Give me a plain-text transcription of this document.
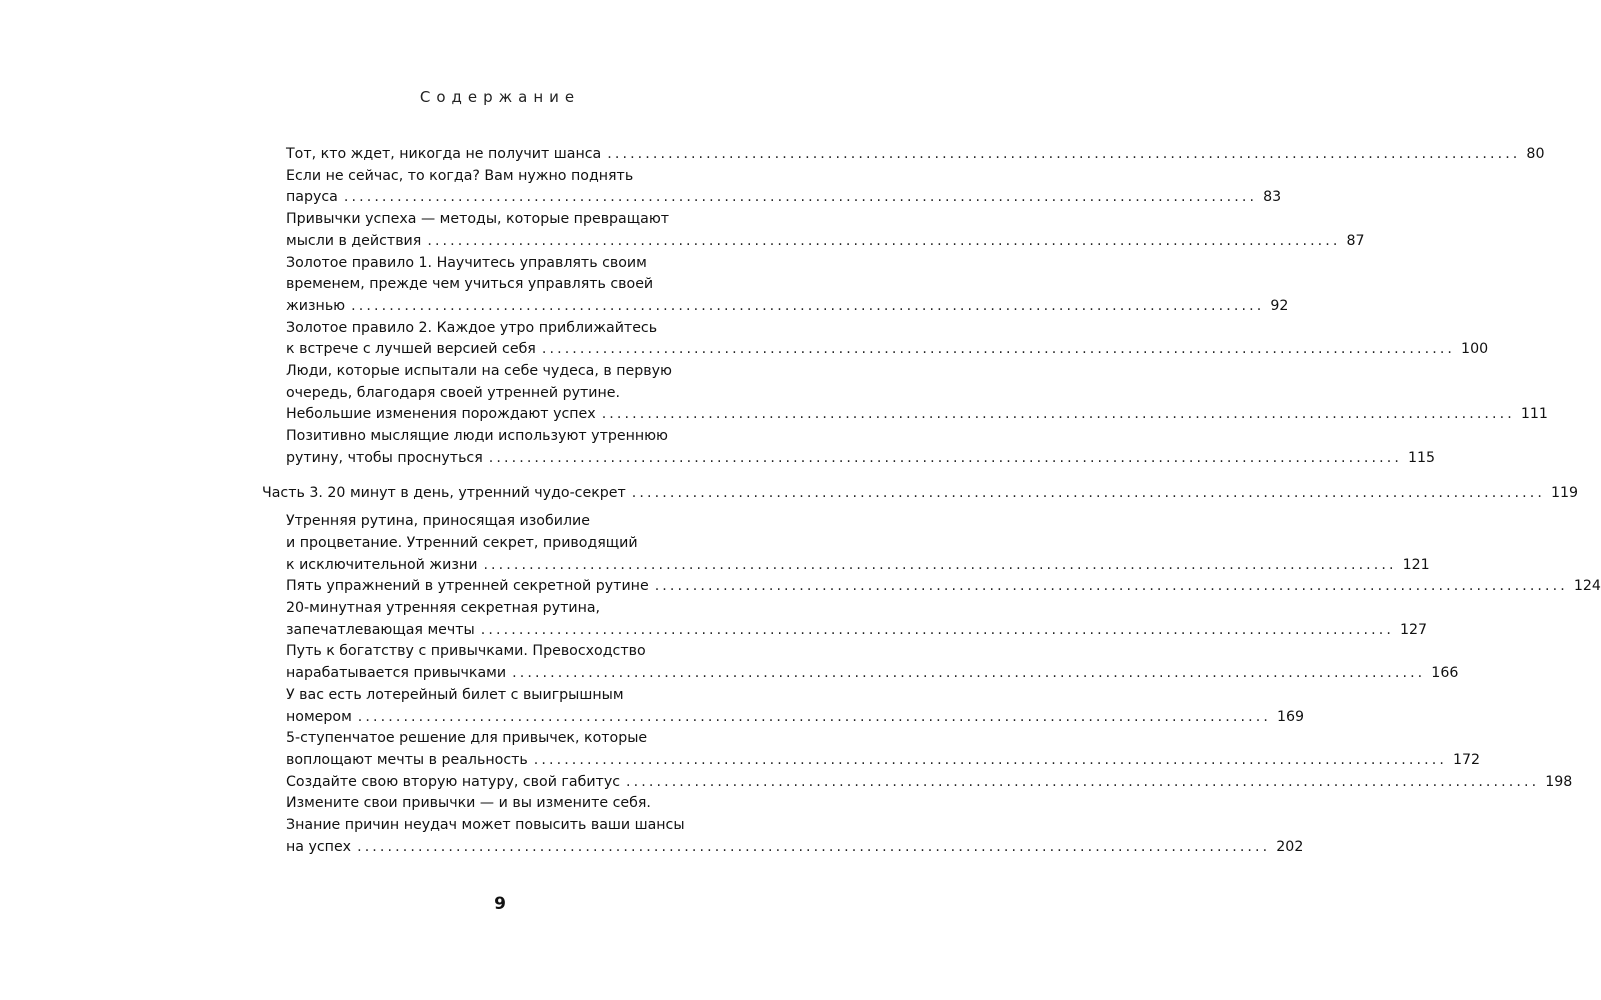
Содержание
Тот, кто ждет, никогда не получит шанса ........................................................................................................................ 80
Если не сейчас, то когда? Вам нужно поднять
паруса ........................................................................................................................ 83
Привычки успеха — методы, которые превращают
мысли в действия ........................................................................................................................ 87
Золотое правило 1. Научитесь управлять своим
временем, прежде чем учиться управлять своей
жизнью ........................................................................................................................ 92
Золотое правило 2. Каждое утро приближайтесь
к встрече с лучшей версией себя ........................................................................................................................ 100
Люди, которые испытали на себе чудеса, в первую
очередь, благодаря своей утренней рутине.
Небольшие изменения порождают успех ........................................................................................................................ 111
Позитивно мыслящие люди используют утреннюю
рутину, чтобы проснуться ........................................................................................................................ 115
Часть 3. 20 минут в день, утренний чудо-секрет ........................................................................................................................ 119
Утренняя рутина, приносящая изобилие
и процветание. Утренний секрет, приводящий
к исключительной жизни ........................................................................................................................ 121
Пять упражнений в утренней секретной рутине ........................................................................................................................ 124
20-минутная утренняя секретная рутина,
запечатлевающая мечты ........................................................................................................................ 127
Путь к богатству с привычками. Превосходство
нарабатывается привычками ........................................................................................................................ 166
У вас есть лотерейный билет с выигрышным
номером ........................................................................................................................ 169
5-ступенчатое решение для привычек, которые
воплощают мечты в реальность ........................................................................................................................ 172
Создайте свою вторую натуру, свой габитус ........................................................................................................................ 198
Измените свои привычки — и вы измените себя.
Знание причин неудач может повысить ваши шансы
на успех ........................................................................................................................ 202
9
